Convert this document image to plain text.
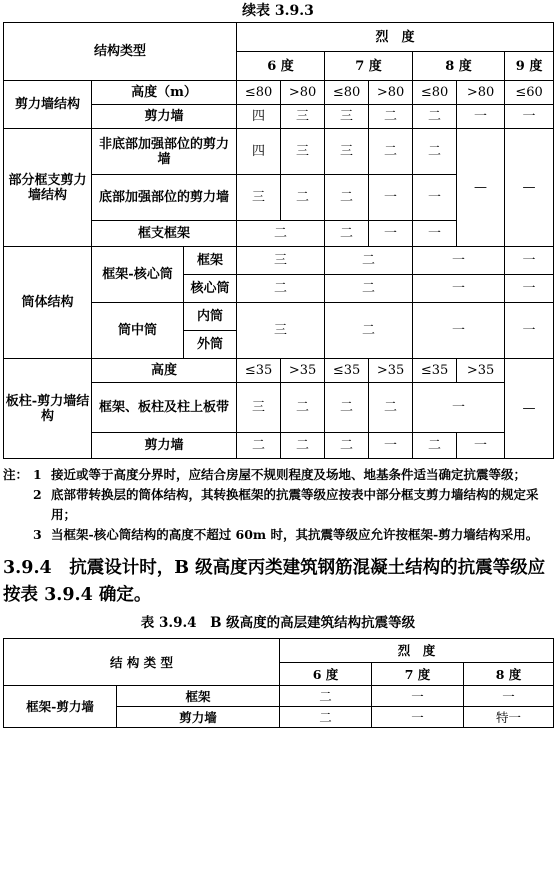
续表 3.9.3
结构类型			烈　度						
			6 度		7 度		8 度		9 度
剪力墙结构	高度（m）		≤80	>80	≤80	>80	≤80	>80	≤60
	剪力墙		四	三	三	二	二	一	一
部分框支剪力墙结构	非底部加强部位的剪力墙		四	三	三	二	二	—	—
	底部加强部位的剪力墙		三	二	二	一	一		
	框支框架		二		二	一	一		
筒体结构	框架-核心筒	框架	三		二		一		一
		核心筒	二		二		一		一
	筒中筒	内筒	三		二		一		一
		外筒							
板柱-剪力墙结构	高度		≤35	>35	≤35	>35	≤35	>35	—
	框架、板柱及柱上板带		三	二	二	二	一		
	剪力墙		二	二	二	一	二	一	
注： 1 接近或等于高度分界时，应结合房屋不规则程度及场地、地基条件适当确定抗震等级；
2 底部带转换层的筒体结构，其转换框架的抗震等级应按表中部分框支剪力墙结构的规定采用；
3 当框架-核心筒结构的高度不超过 60m 时，其抗震等级应允许按框架-剪力墙结构采用。
3.9.4　抗震设计时，B 级高度丙类建筑钢筋混凝土结构的抗震等级应按表 3.9.4 确定。
表 3.9.4　B 级高度的高层建筑结构抗震等级
结 构 类 型		烈　度		
		6 度	7 度	8 度
框架-剪力墙	框架	二	一	一
	剪力墙	二	一	特一
